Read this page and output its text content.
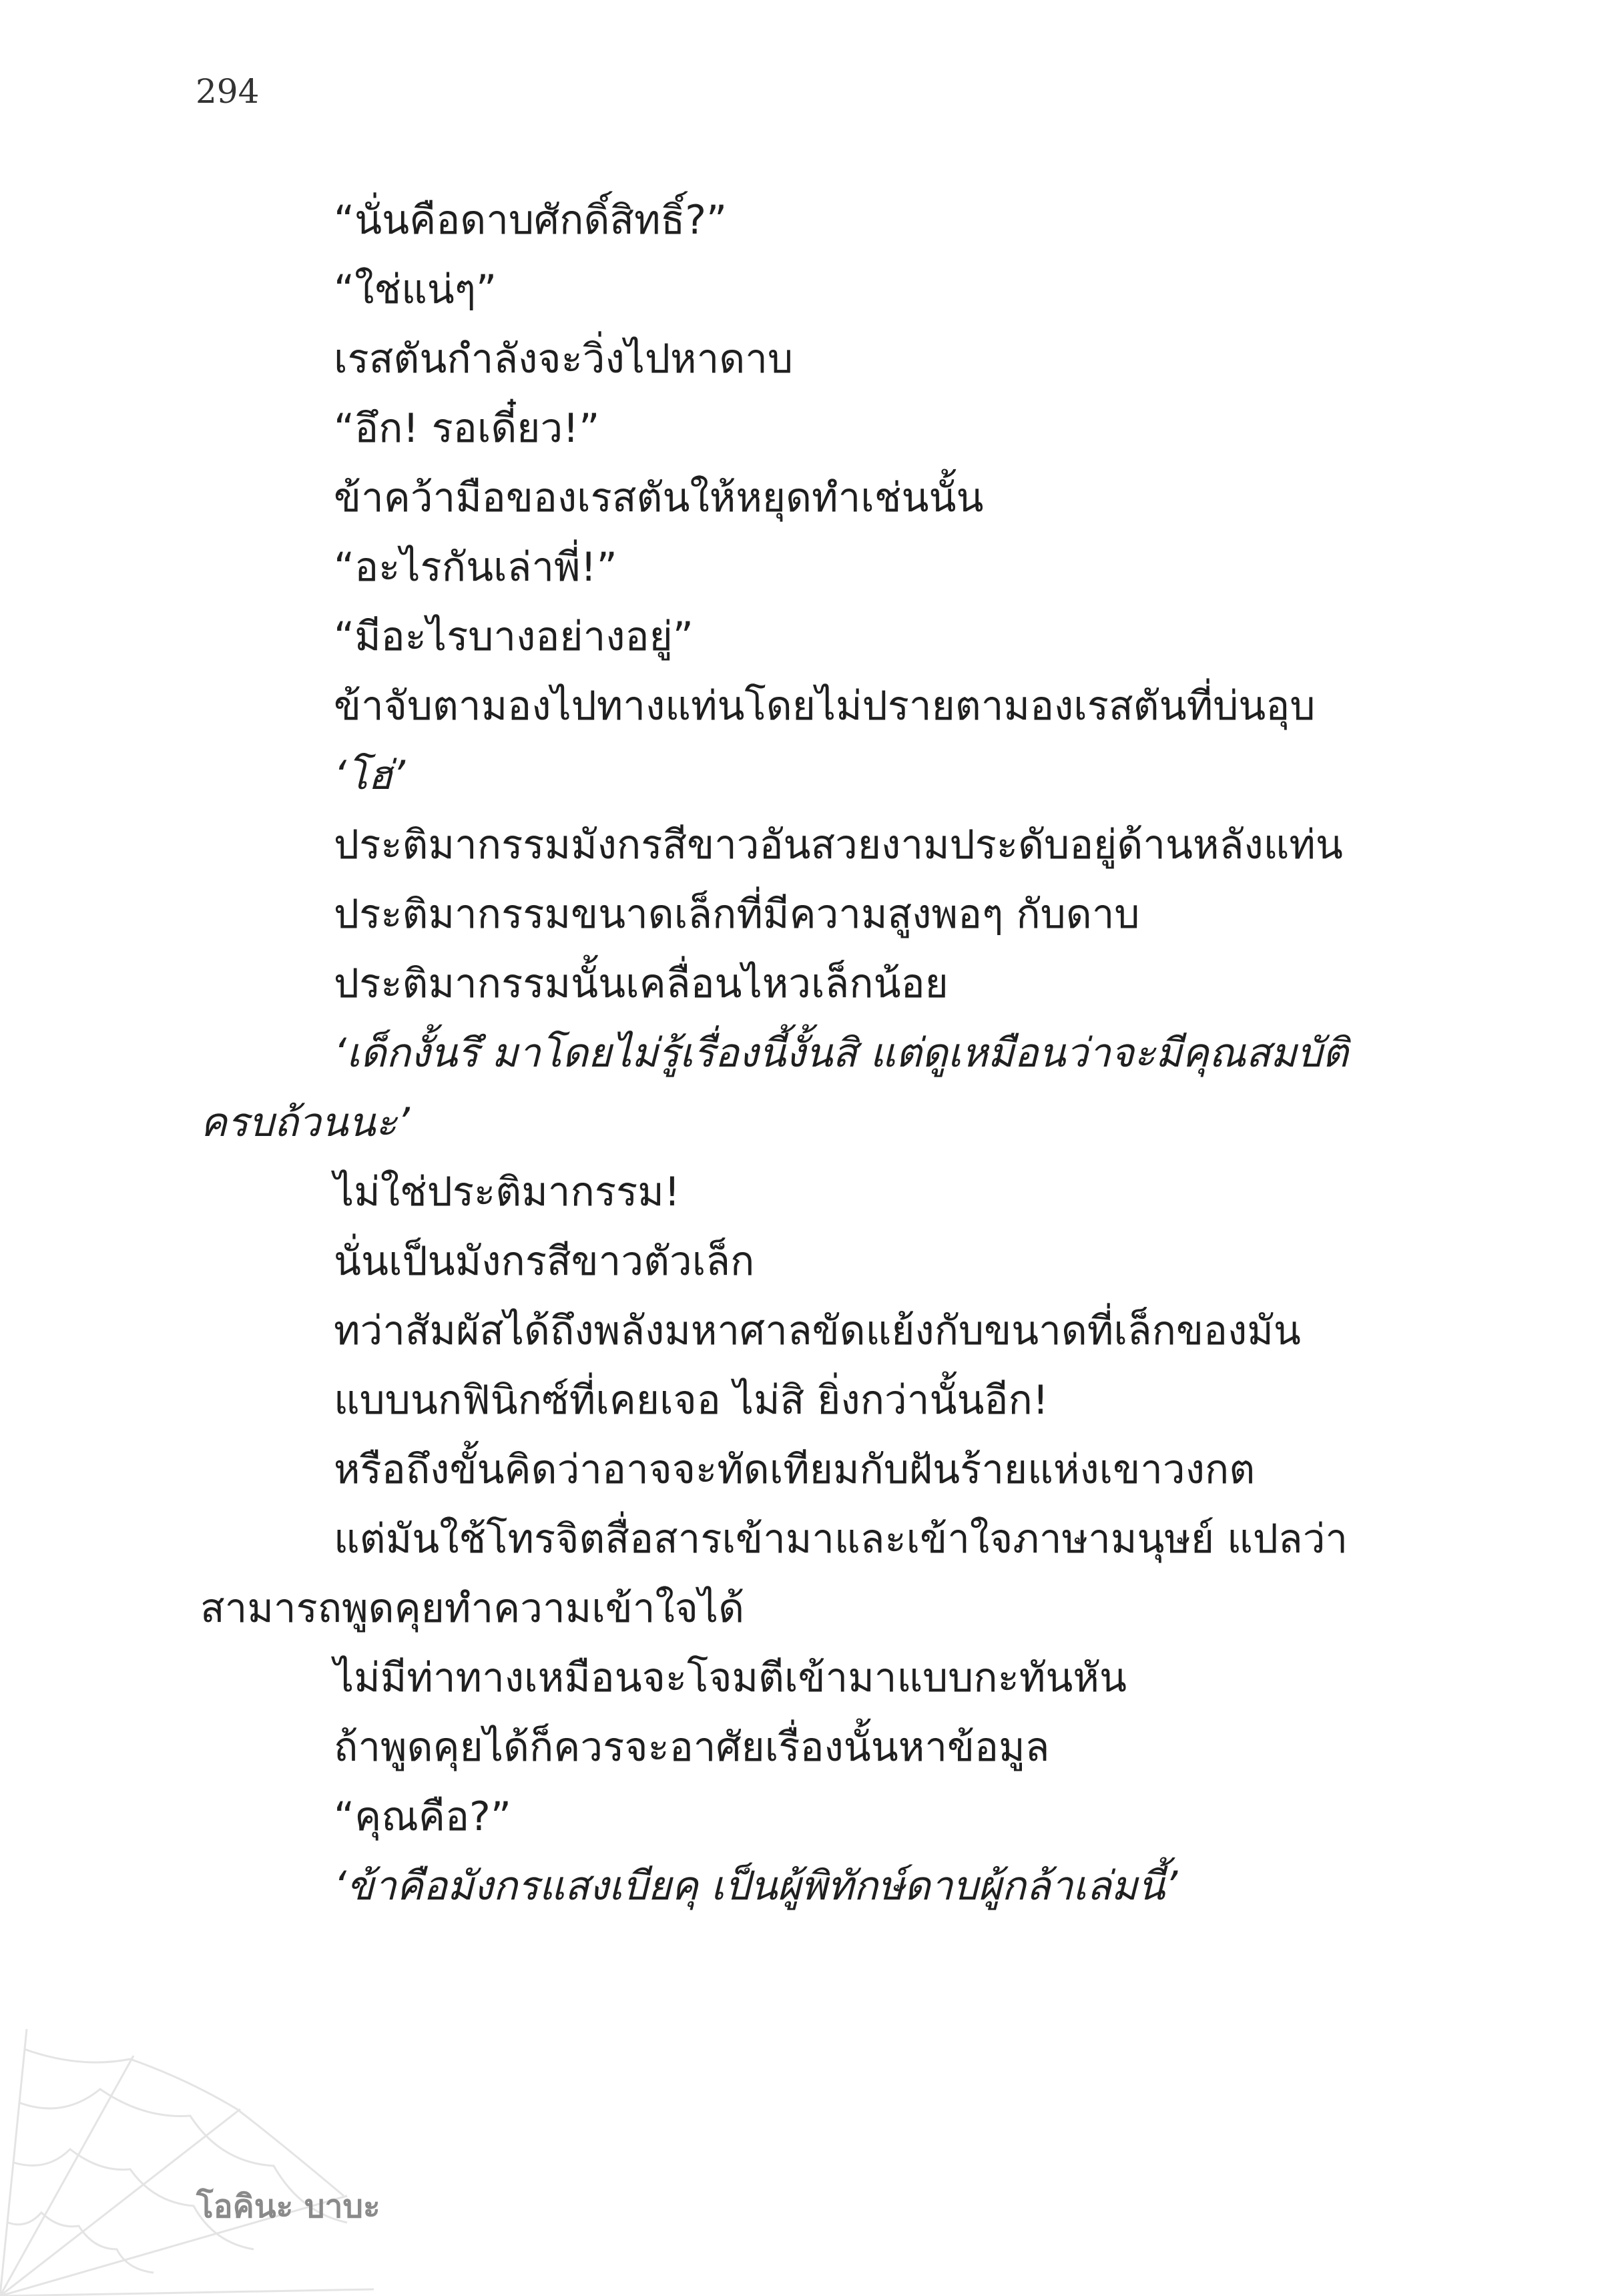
294
“นั่นคือดาบศักดิ์สิทธิ์?”
“ใช่แน่ๆ”
เรสตันกำลังจะวิ่งไปหาดาบ
“อึก! รอเดี๋ยว!”
ข้าคว้ามือของเรสตันให้หยุดทำเช่นนั้น
“อะไรกันเล่าพี่!”
“มีอะไรบางอย่างอยู่”
ข้าจับตามองไปทางแท่นโดยไม่ปรายตามองเรสตันที่บ่นอุบ
‘โฮ่’
ประติมากรรมมังกรสีขาวอันสวยงามประดับอยู่ด้านหลังแท่น
ประติมากรรมขนาดเล็กที่มีความสูงพอๆ กับดาบ
ประติมากรรมนั้นเคลื่อนไหวเล็กน้อย
‘เด็กงั้นรึ มาโดยไม่รู้เรื่องนี้งั้นสิ แต่ดูเหมือนว่าจะมีคุณสมบัติ
ครบถ้วนนะ’
ไม่ใช่ประติมากรรม!
นั่นเป็นมังกรสีขาวตัวเล็ก
ทว่าสัมผัสได้ถึงพลังมหาศาลขัดแย้งกับขนาดที่เล็กของมัน
แบบนกฟินิกซ์ที่เคยเจอ ไม่สิ ยิ่งกว่านั้นอีก!
หรือถึงขั้นคิดว่าอาจจะทัดเทียมกับฝันร้ายแห่งเขาวงกต
แต่มันใช้โทรจิตสื่อสารเข้ามาและเข้าใจภาษามนุษย์ แปลว่า
สามารถพูดคุยทำความเข้าใจได้
ไม่มีท่าทางเหมือนจะโจมตีเข้ามาแบบกะทันหัน
ถ้าพูดคุยได้ก็ควรจะอาศัยเรื่องนั้นหาข้อมูล
“คุณคือ?”
‘ข้าคือมังกรแสงเบียคุ เป็นผู้พิทักษ์ดาบผู้กล้าเล่มนี้’
โอคินะ บาบะ
